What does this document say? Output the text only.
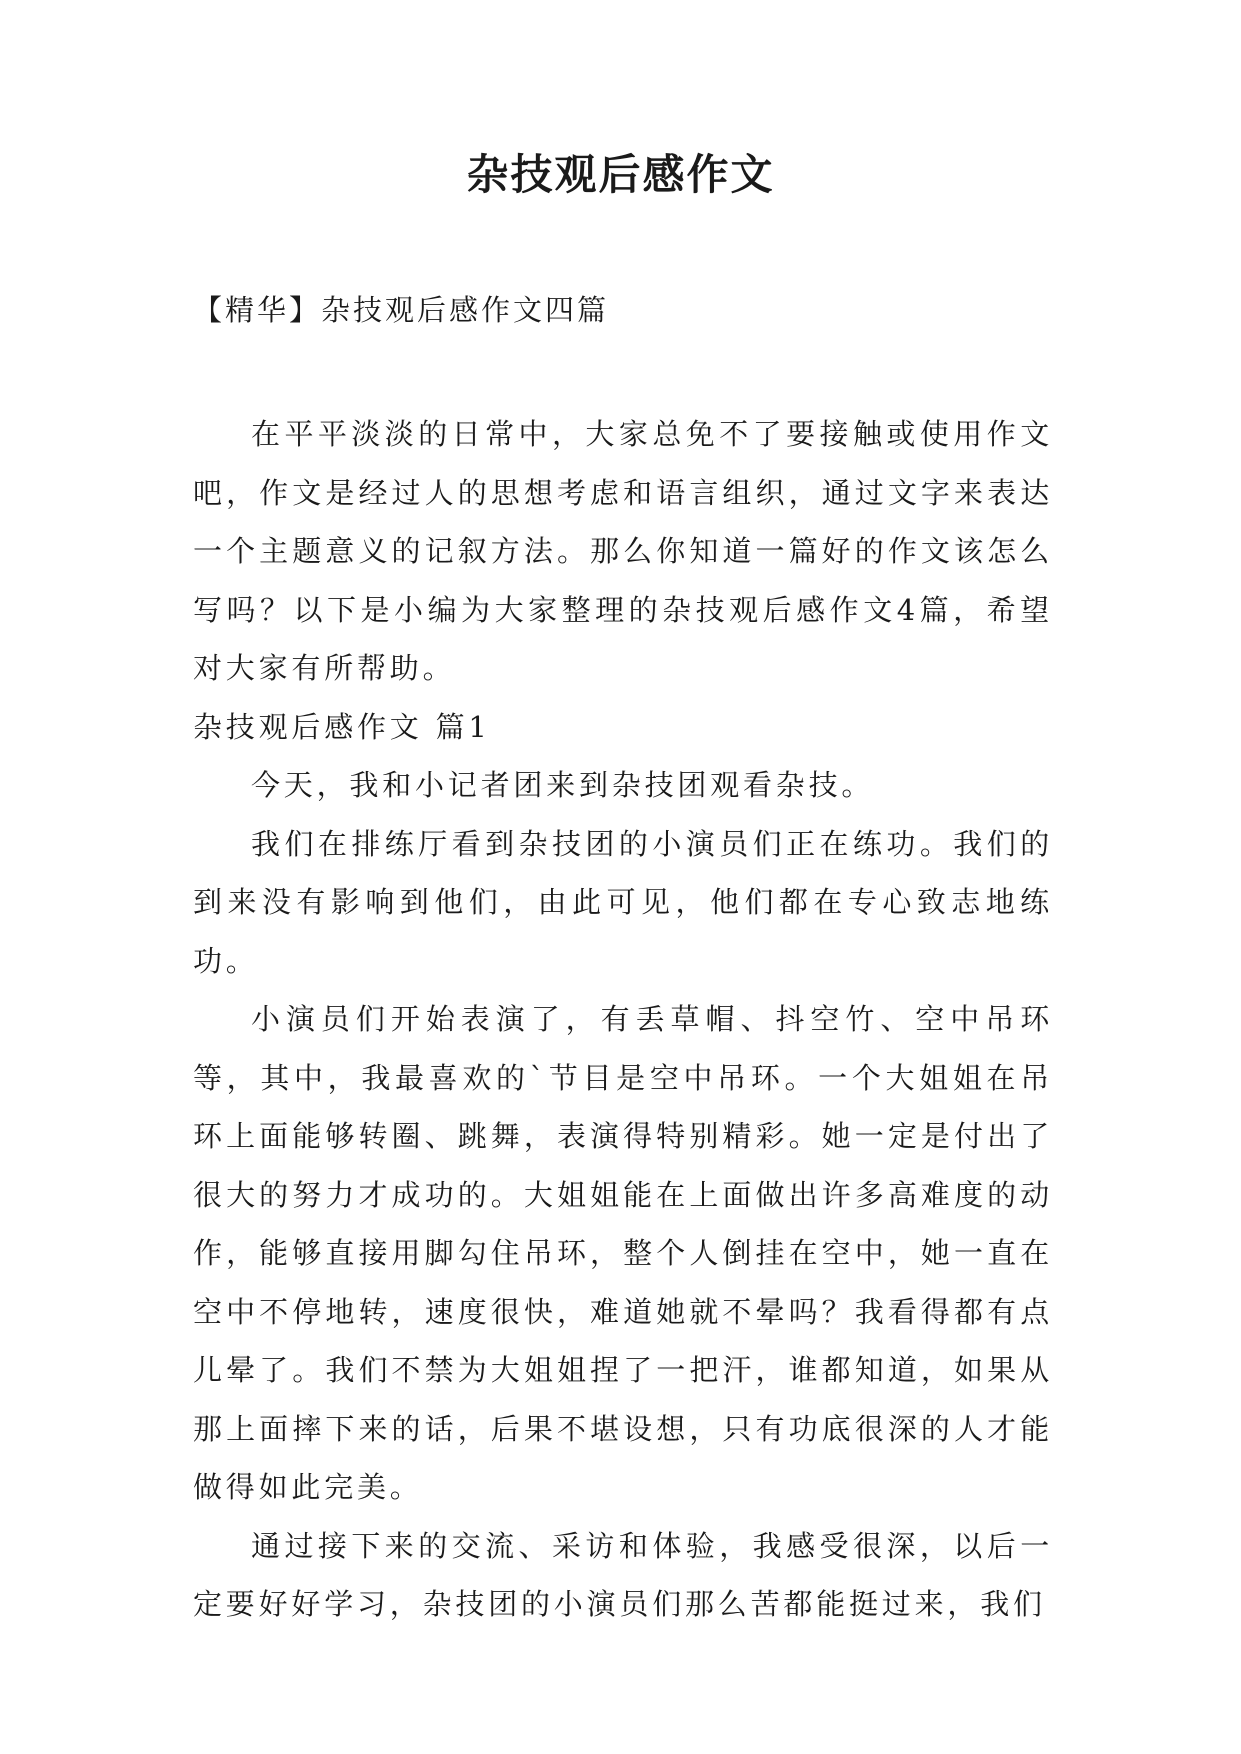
杂技观后感作文

【精华】杂技观后感作文四篇

在平平淡淡的日常中，大家总免不了要接触或使用作文吧，作文是经过人的思想考虑和语言组织，通过文字来表达一个主题意义的记叙方法。那么你知道一篇好的作文该怎么写吗？以下是小编为大家整理的杂技观后感作文4篇，希望对大家有所帮助。

杂技观后感作文 篇1

今天，我和小记者团来到杂技团观看杂技。

我们在排练厅看到杂技团的小演员们正在练功。我们的到来没有影响到他们，由此可见，他们都在专心致志地练功。

小演员们开始表演了，有丢草帽、抖空竹、空中吊环等，其中，我最喜欢的`节目是空中吊环。一个大姐姐在吊环上面能够转圈、跳舞，表演得特别精彩。她一定是付出了很大的努力才成功的。大姐姐能在上面做出许多高难度的动作，能够直接用脚勾住吊环，整个人倒挂在空中，她一直在空中不停地转，速度很快，难道她就不晕吗？我看得都有点儿晕了。我们不禁为大姐姐捏了一把汗，谁都知道，如果从那上面摔下来的话，后果不堪设想，只有功底很深的人才能做得如此完美。

通过接下来的交流、采访和体验，我感受很深，以后一定要好好学习，杂技团的小演员们那么苦都能挺过来，我们
